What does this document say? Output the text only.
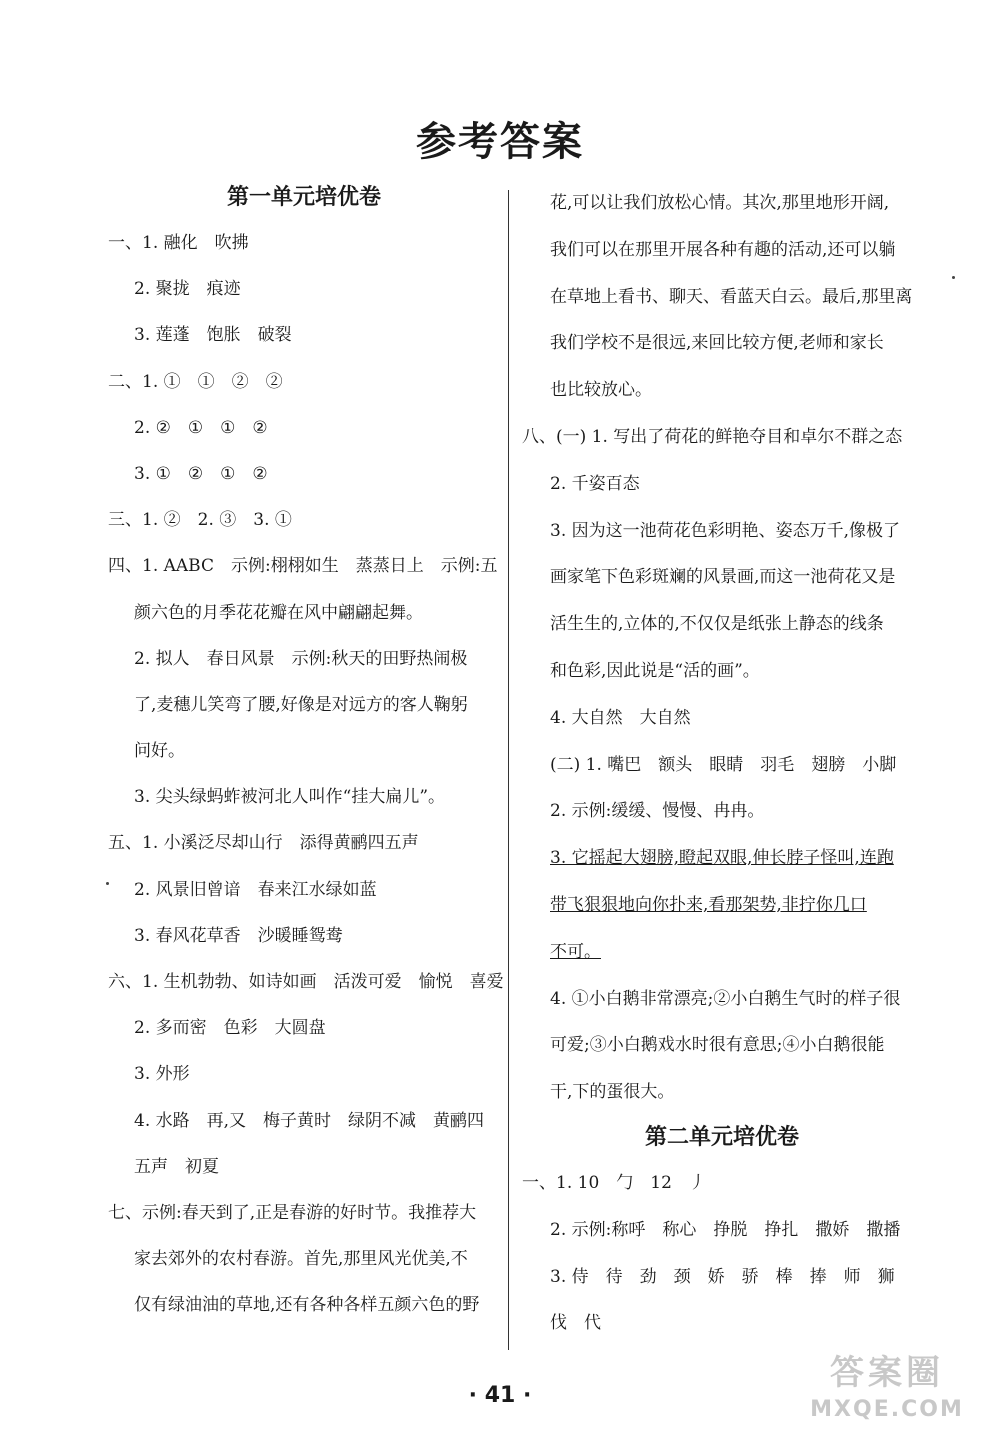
参考答案
第一单元培优卷
一、1. 融化　吹拂
2. 聚拢　痕迹
3. 莲蓬　饱胀　破裂
二、1. ①　①　②　②
2. ②　①　①　②
3. ①　②　①　②
三、1. ②　2. ③　3. ①
四、1. AABC　示例:栩栩如生　蒸蒸日上　示例:五
颜六色的月季花花瓣在风中翩翩起舞。
2. 拟人　春日风景　示例:秋天的田野热闹极
了,麦穗儿笑弯了腰,好像是对远方的客人鞠躬
问好。
3. 尖头绿蚂蚱被河北人叫作“挂大扁儿”。
五、1. 小溪泛尽却山行　添得黄鹂四五声
2. 风景旧曾谙　春来江水绿如蓝
3. 春风花草香　沙暖睡鸳鸯
六、1. 生机勃勃、如诗如画　活泼可爱　愉悦　喜爱
2. 多而密　色彩　大圆盘
3. 外形
4. 水路　再,又　梅子黄时　绿阴不减　黄鹂四
五声　初夏
七、示例:春天到了,正是春游的好时节。我推荐大
家去郊外的农村春游。首先,那里风光优美,不
仅有绿油油的草地,还有各种各样五颜六色的野
花,可以让我们放松心情。其次,那里地形开阔,
我们可以在那里开展各种有趣的活动,还可以躺
在草地上看书、聊天、看蓝天白云。最后,那里离
我们学校不是很远,来回比较方便,老师和家长
也比较放心。
八、(一) 1. 写出了荷花的鲜艳夺目和卓尔不群之态
2. 千姿百态
3. 因为这一池荷花色彩明艳、姿态万千,像极了
画家笔下色彩斑斓的风景画,而这一池荷花又是
活生生的,立体的,不仅仅是纸张上静态的线条
和色彩,因此说是“活的画”。
4. 大自然　大自然
(二) 1. 嘴巴　额头　眼睛　羽毛　翅膀　小脚
2. 示例:缓缓、慢慢、冉冉。
3. 它摇起大翅膀,瞪起双眼,伸长脖子怪叫,连跑
带飞狠狠地向你扑来,看那架势,非拧你几口
不可。
4. ①小白鹅非常漂亮;②小白鹅生气时的样子很
可爱;③小白鹅戏水时很有意思;④小白鹅很能
干,下的蛋很大。
第二单元培优卷
一、1. 10　勹　12　丿
2. 示例:称呼　称心　挣脱　挣扎　撒娇　撒播
3. 侍　待　劲　颈　娇　骄　棒　捧　师　狮
伐　代
· 41 ·
答案圈
MXQE.COM
